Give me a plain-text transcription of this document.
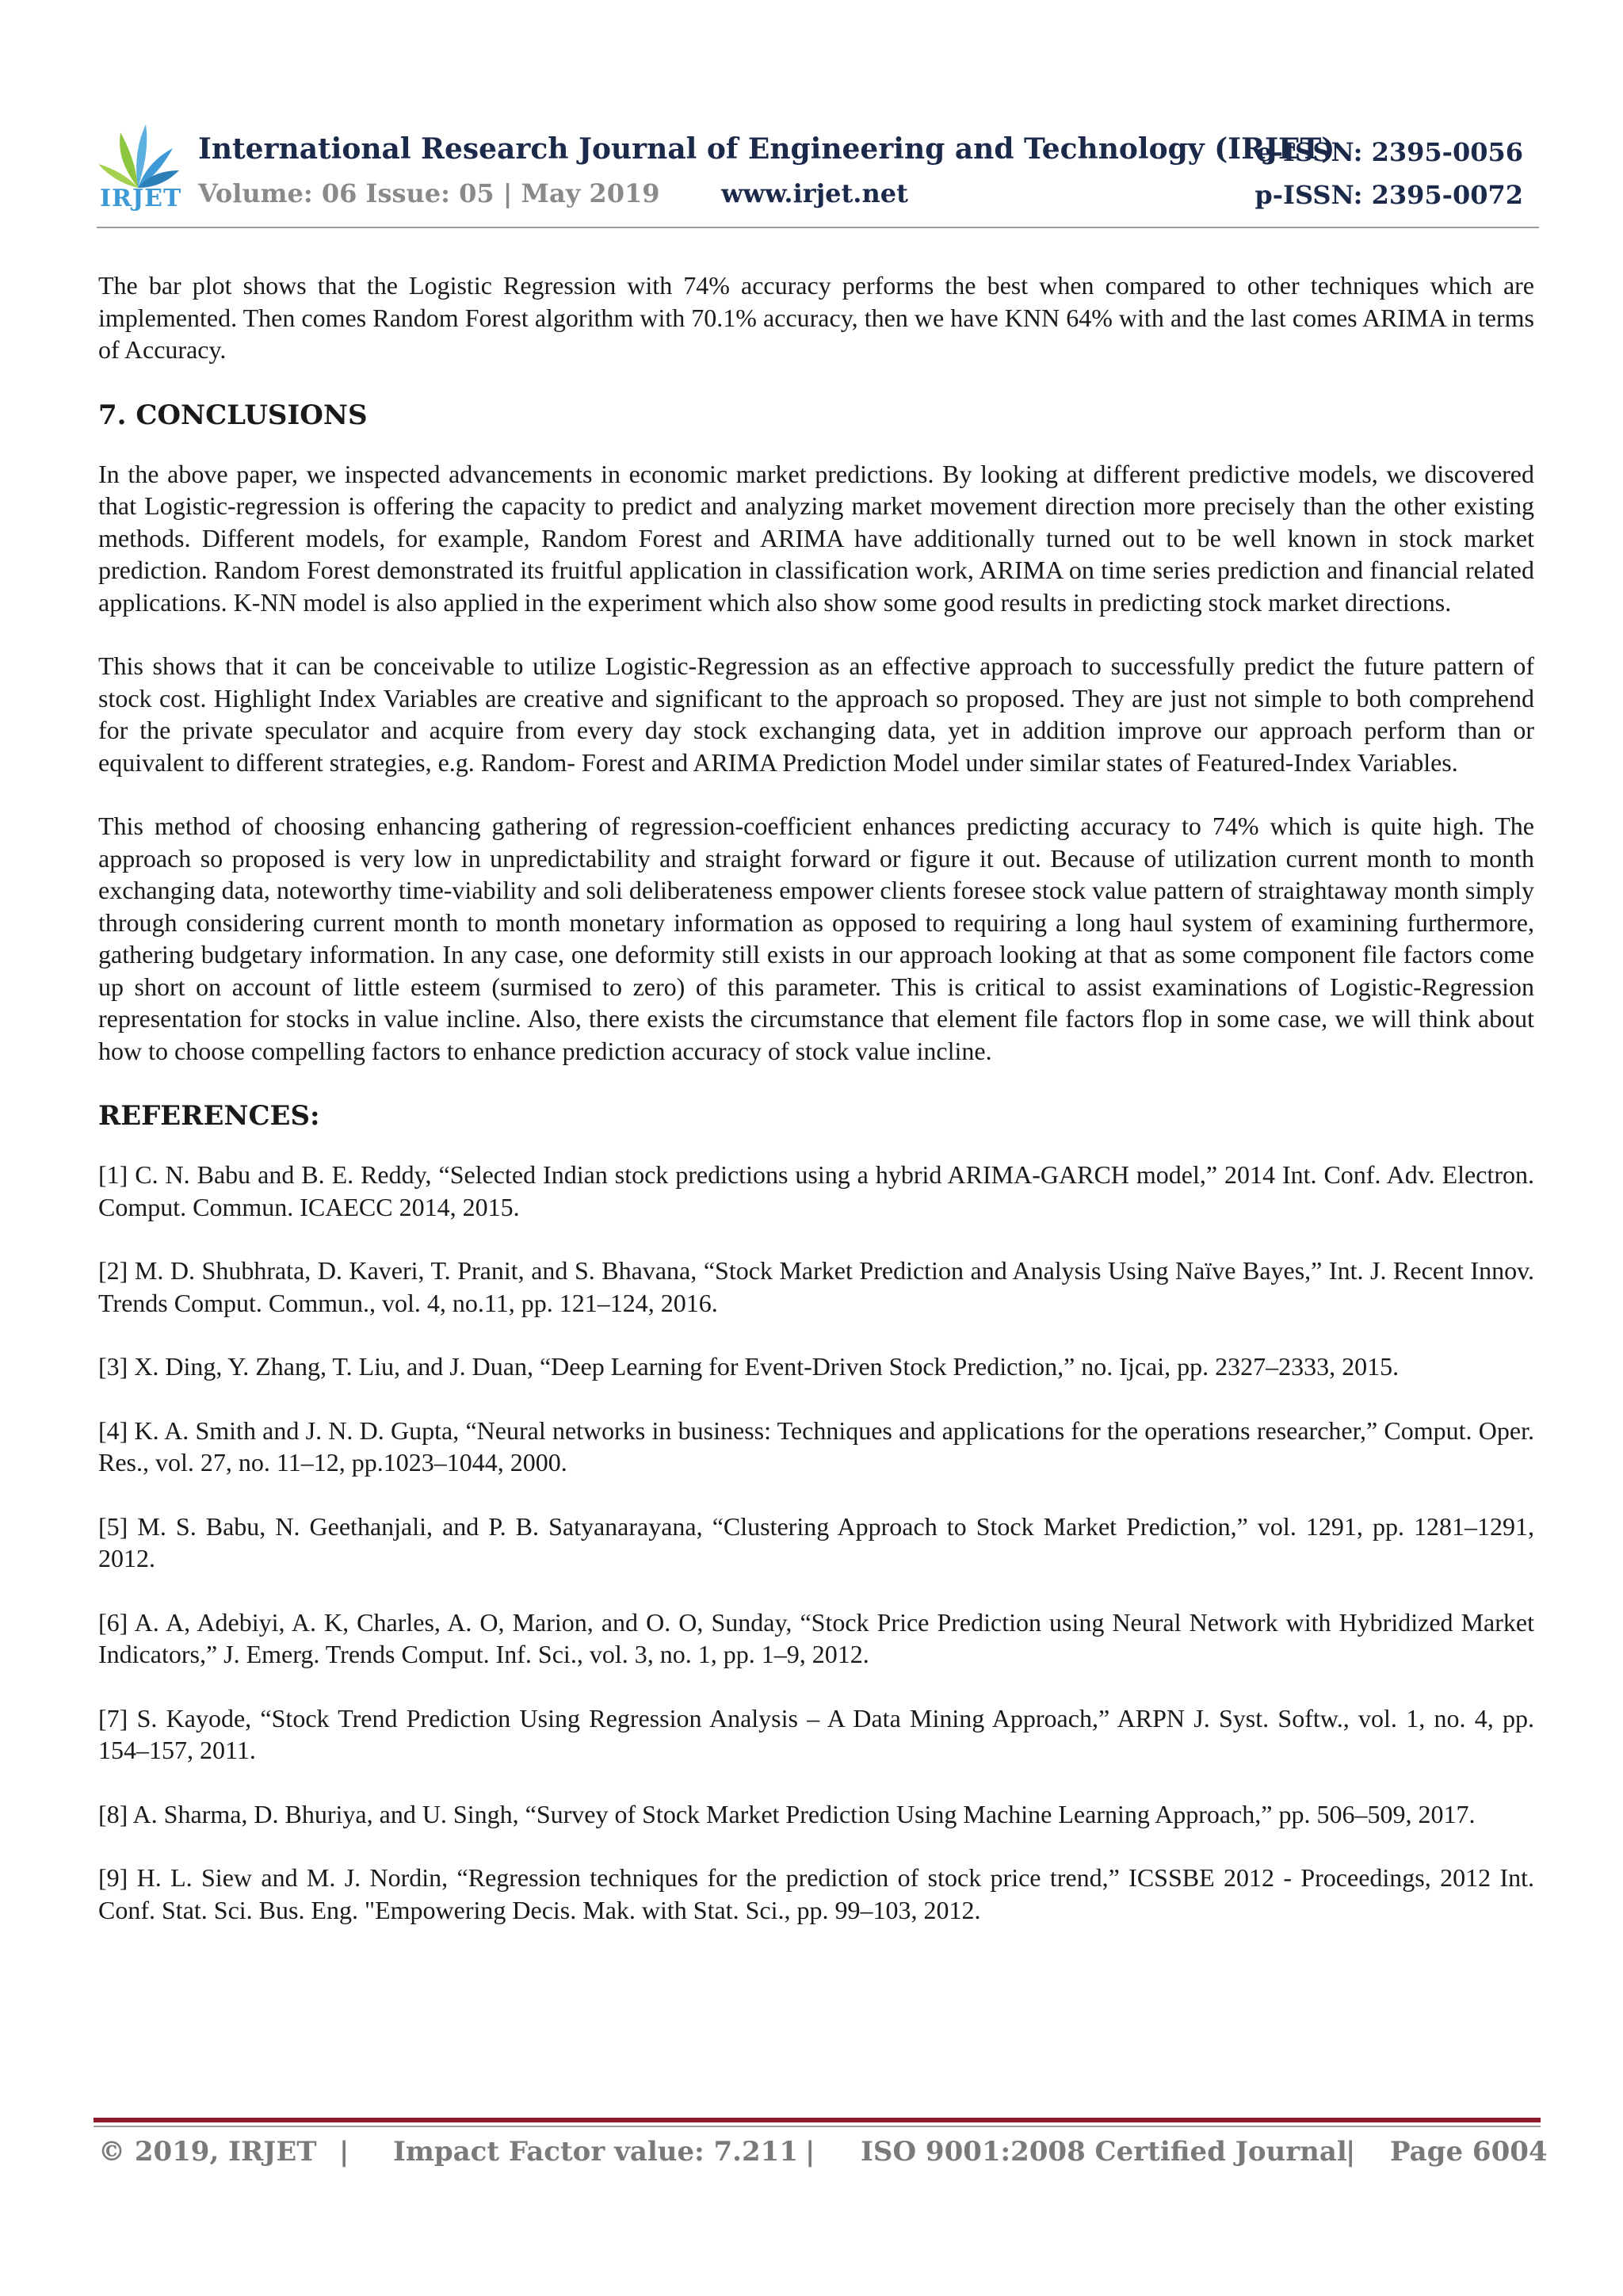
IRJET
International Research Journal of Engineering and Technology (IRJET)
e-ISSN: 2395-0056
Volume: 06 Issue: 05 | May 2019 www.irjet.net	p-ISSN: 2395-0072

The bar plot shows that the Logistic Regression with 74% accuracy performs the best when compared to other techniques which are implemented. Then comes Random Forest algorithm with 70.1% accuracy, then we have KNN 64% with and the last comes ARIMA in terms of Accuracy.

7. CONCLUSIONS

In the above paper, we inspected advancements in economic market predictions. By looking at different predictive models, we discovered that Logistic-regression is offering the capacity to predict and analyzing market movement direction more precisely than the other existing methods. Different models, for example, Random Forest and ARIMA have additionally turned out to be well known in stock market prediction. Random Forest demonstrated its fruitful application in classification work, ARIMA on time series prediction and financial related applications. K-NN model is also applied in the experiment which also show some good results in predicting stock market directions.

This shows that it can be conceivable to utilize Logistic-Regression as an effective approach to successfully predict the future pattern of stock cost. Highlight Index Variables are creative and significant to the approach so proposed. They are just not simple to both comprehend for the private speculator and acquire from every day stock exchanging data, yet in addition improve our approach perform than or equivalent to different strategies, e.g. Random- Forest and ARIMA Prediction Model under similar states of Featured-Index Variables.

This method of choosing enhancing gathering of regression-coefficient enhances predicting accuracy to 74% which is quite high. The approach so proposed is very low in unpredictability and straight forward or figure it out. Because of utilization current month to month exchanging data, noteworthy time-viability and soli deliberateness empower clients foresee stock value pattern of straightaway month simply through considering current month to month monetary information as opposed to requiring a long haul system of examining furthermore, gathering budgetary information. In any case, one deformity still exists in our approach looking at that as some component file factors come up short on account of little esteem (surmised to zero) of this parameter. This is critical to assist examinations of Logistic-Regression representation for stocks in value incline. Also, there exists the circumstance that element file factors flop in some case, we will think about how to choose compelling factors to enhance prediction accuracy of stock value incline.

REFERENCES:

[1] C. N. Babu and B. E. Reddy, “Selected Indian stock predictions using a hybrid ARIMA-GARCH model,” 2014 Int. Conf. Adv. Electron. Comput. Commun. ICAECC 2014, 2015.

[2] M. D. Shubhrata, D. Kaveri, T. Pranit, and S. Bhavana, “Stock Market Prediction and Analysis Using Naïve Bayes,” Int. J. Recent Innov. Trends Comput. Commun., vol. 4, no.11, pp. 121–124, 2016.

[3] X. Ding, Y. Zhang, T. Liu, and J. Duan, “Deep Learning for Event-Driven Stock Prediction,” no. Ijcai, pp. 2327–2333, 2015.

[4] K. A. Smith and J. N. D. Gupta, “Neural networks in business: Techniques and applications for the operations researcher,” Comput. Oper. Res., vol. 27, no. 11–12, pp.1023–1044, 2000.

[5] M. S. Babu, N. Geethanjali, and P. B. Satyanarayana, “Clustering Approach to Stock Market Prediction,” vol. 1291, pp. 1281–1291, 2012.

[6] A. A, Adebiyi, A. K, Charles, A. O, Marion, and O. O, Sunday, “Stock Price Prediction using Neural Network with Hybridized Market Indicators,” J. Emerg. Trends Comput. Inf. Sci., vol. 3, no. 1, pp. 1–9, 2012.

[7] S. Kayode, “Stock Trend Prediction Using Regression Analysis – A Data Mining Approach,” ARPN J. Syst. Softw., vol. 1, no. 4, pp. 154–157, 2011.

[8] A. Sharma, D. Bhuriya, and U. Singh, “Survey of Stock Market Prediction Using Machine Learning Approach,” pp. 506–509, 2017.

[9] H. L. Siew and M. J. Nordin, “Regression techniques for the prediction of stock price trend,” ICSSBE 2012 - Proceedings, 2012 Int. Conf. Stat. Sci. Bus. Eng. "Empowering Decis. Mak. with Stat. Sci., pp. 99–103, 2012.

© 2019, IRJET | Impact Factor value: 7.211 | ISO 9001:2008 Certified Journal
| Page 6004
